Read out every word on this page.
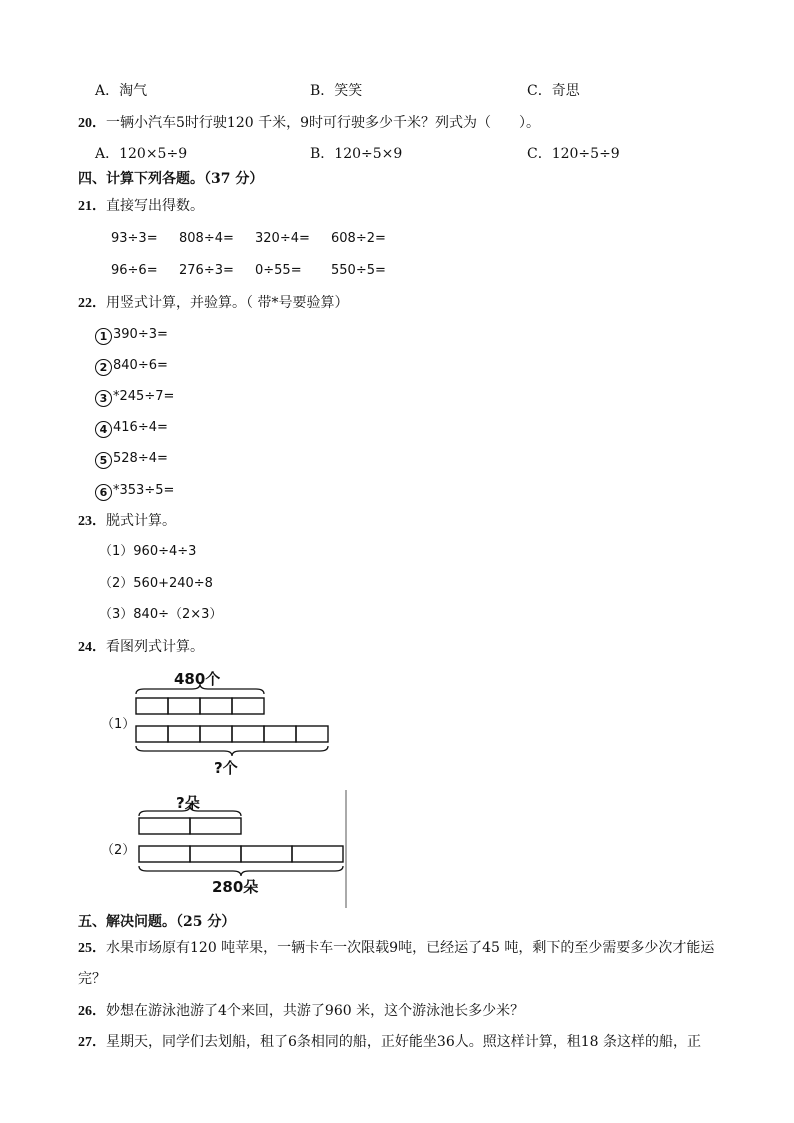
A．淘气	B．笑笑	C．奇思
20．一辆小汽车5时行驶120 千米，9时可行驶多少千米？列式为（　　）。
A．120×5÷9	B．120÷5×9	C．120÷5÷9
四、计算下列各题。（37 分）
21．直接写出得数。
93÷3= 808÷4= 320÷4= 608÷2=
96÷6= 276÷3= 0÷55= 550÷5=
22．用竖式计算，并验算。（ 带*号要验算）
1 390÷3=
2 840÷6=
3 *245÷7=
4 416÷4=
5 528÷4=
6 *353÷5=
23．脱式计算。
（1）960÷4÷3
（2）560+240÷8
（3）840÷（2×3）
24．看图列式计算。
（1）
480个
?个
（2）
?朵
280朵
五、解决问题。（25 分）
25．水果市场原有120 吨苹果，一辆卡车一次限载9吨，已经运了45 吨，剩下的至少需要多少次才能运
完？
26．妙想在游泳池游了4个来回，共游了960 米，这个游泳池长多少米？
27．星期天，同学们去划船，租了6条相同的船，正好能坐36人。照这样计算，租18 条这样的船，正
